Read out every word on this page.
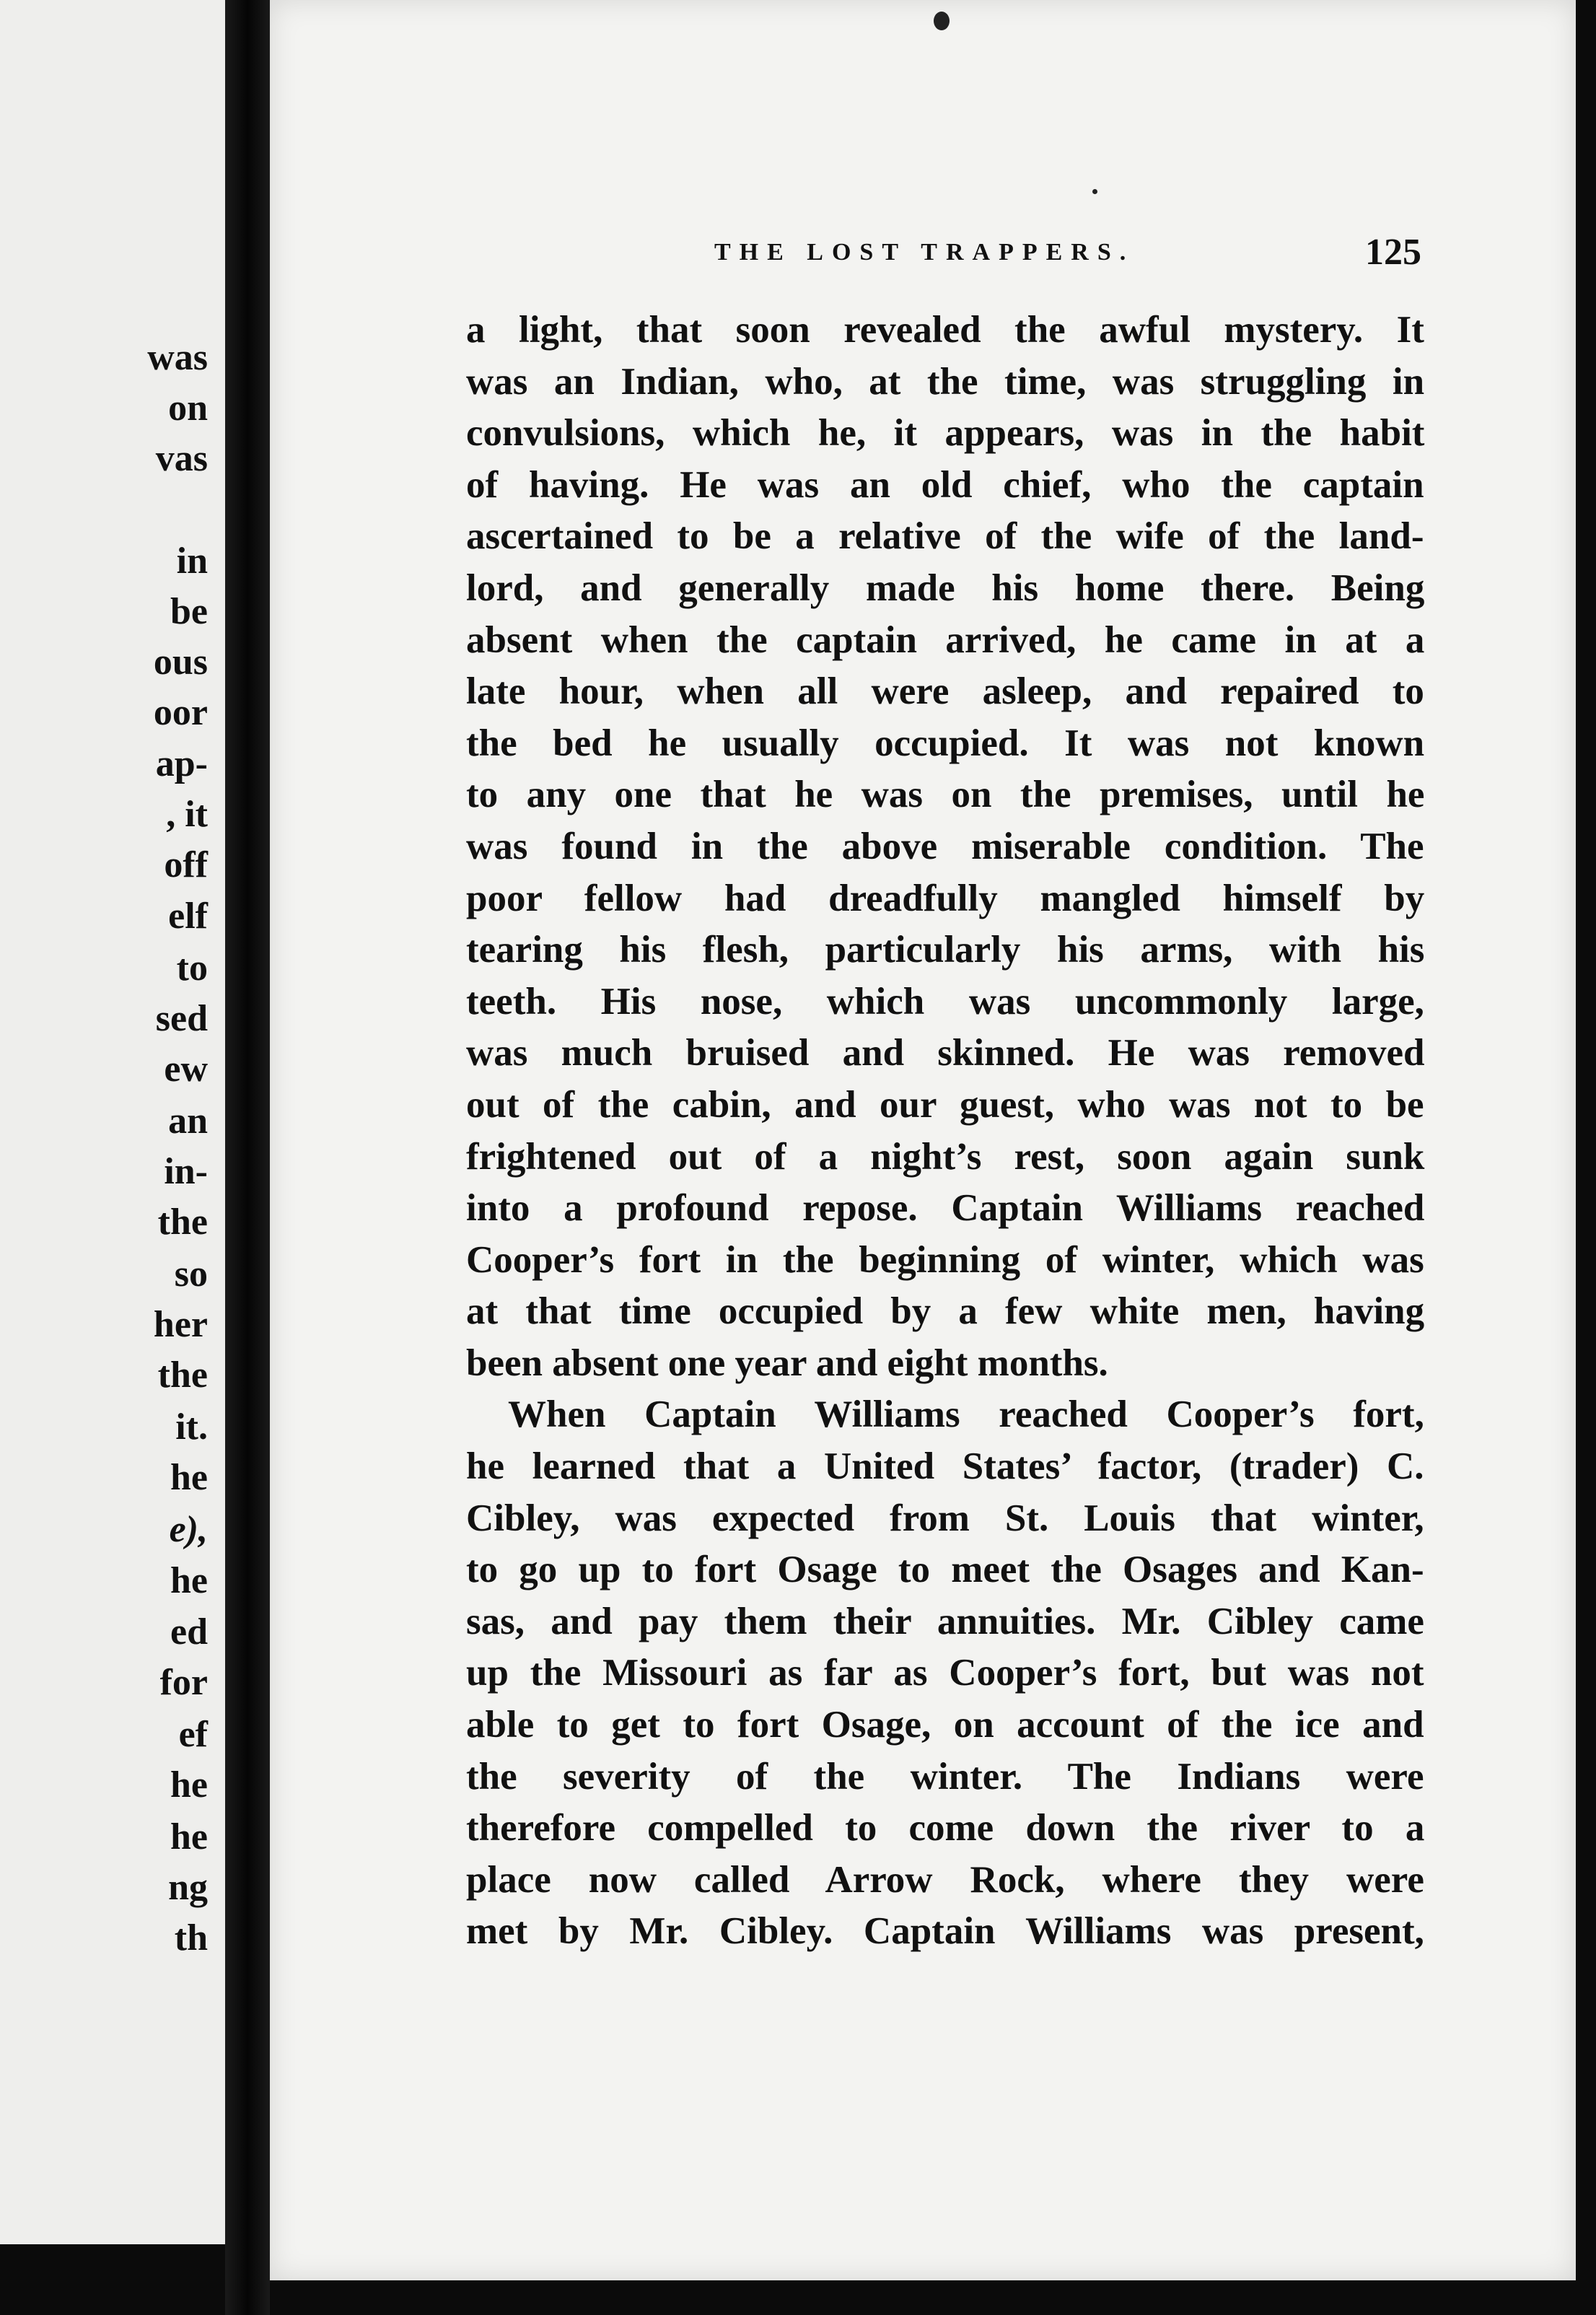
was
on
vas
in
be
ous
oor
ap-
, it
off
elf
to
sed
ew
an
in-
the
so
her
the
it.
he
e),
he
ed
for
ef
he
he
ng
th
THE LOST TRAPPERS.	125
a light, that soon revealed the awful mystery. It
was an Indian, who, at the time, was struggling in
convulsions, which he, it appears, was in the habit
of having. He was an old chief, who the captain
ascertained to be a relative of the wife of the land-
lord, and generally made his home there. Being
absent when the captain arrived, he came in at a
late hour, when all were asleep, and repaired to
the bed he usually occupied. It was not known
to any one that he was on the premises, until he
was found in the above miserable condition. The
poor fellow had dreadfully mangled himself by
tearing his flesh, particularly his arms, with his
teeth. His nose, which was uncommonly large,
was much bruised and skinned. He was removed
out of the cabin, and our guest, who was not to be
frightened out of a night’s rest, soon again sunk
into a profound repose. Captain Williams reached
Cooper’s fort in the beginning of winter, which was
at that time occupied by a few white men, having
been absent one year and eight months.
When Captain Williams reached Cooper’s fort,
he learned that a United States’ factor, (trader) C.
Cibley, was expected from St. Louis that winter,
to go up to fort Osage to meet the Osages and Kan-
sas, and pay them their annuities. Mr. Cibley came
up the Missouri as far as Cooper’s fort, but was not
able to get to fort Osage, on account of the ice and
the severity of the winter. The Indians were
therefore compelled to come down the river to a
place now called Arrow Rock, where they were
met by Mr. Cibley. Captain Williams was present,
